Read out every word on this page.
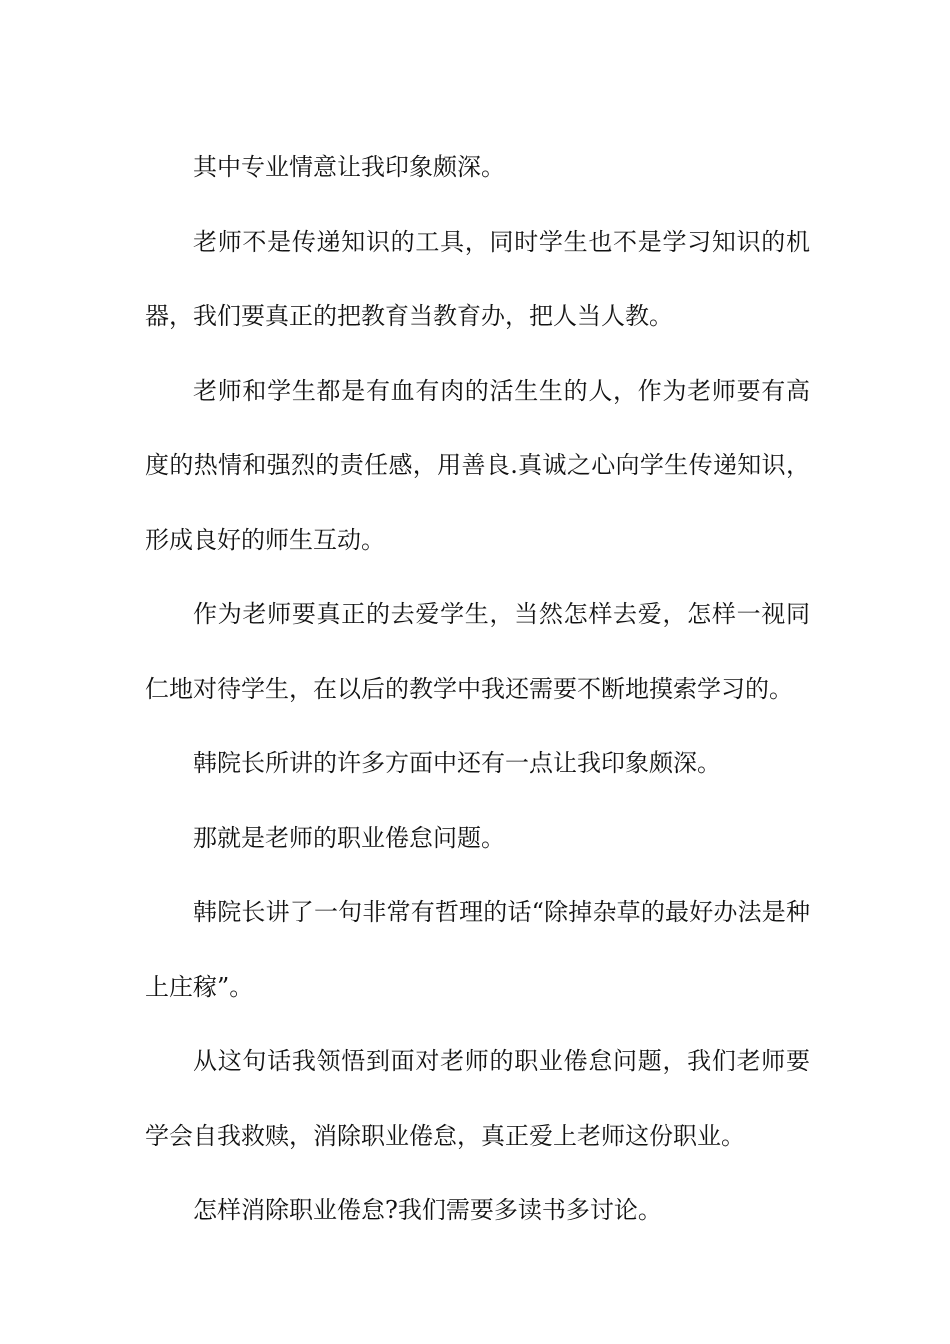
其中专业情意让我印象颇深。

老师不是传递知识的工具，同时学生也不是学习知识的机器，我们要真正的把教育当教育办，把人当人教。

老师和学生都是有血有肉的活生生的人，作为老师要有高度的热情和强烈的责任感，用善良.真诚之心向学生传递知识，形成良好的师生互动。

作为老师要真正的去爱学生，当然怎样去爱，怎样一视同仁地对待学生，在以后的教学中我还需要不断地摸索学习的。

韩院长所讲的许多方面中还有一点让我印象颇深。

那就是老师的职业倦怠问题。

韩院长讲了一句非常有哲理的话“除掉杂草的最好办法是种上庄稼”。

从这句话我领悟到面对老师的职业倦怠问题，我们老师要学会自我救赎，消除职业倦怠，真正爱上老师这份职业。

怎样消除职业倦怠?我们需要多读书多讨论。
